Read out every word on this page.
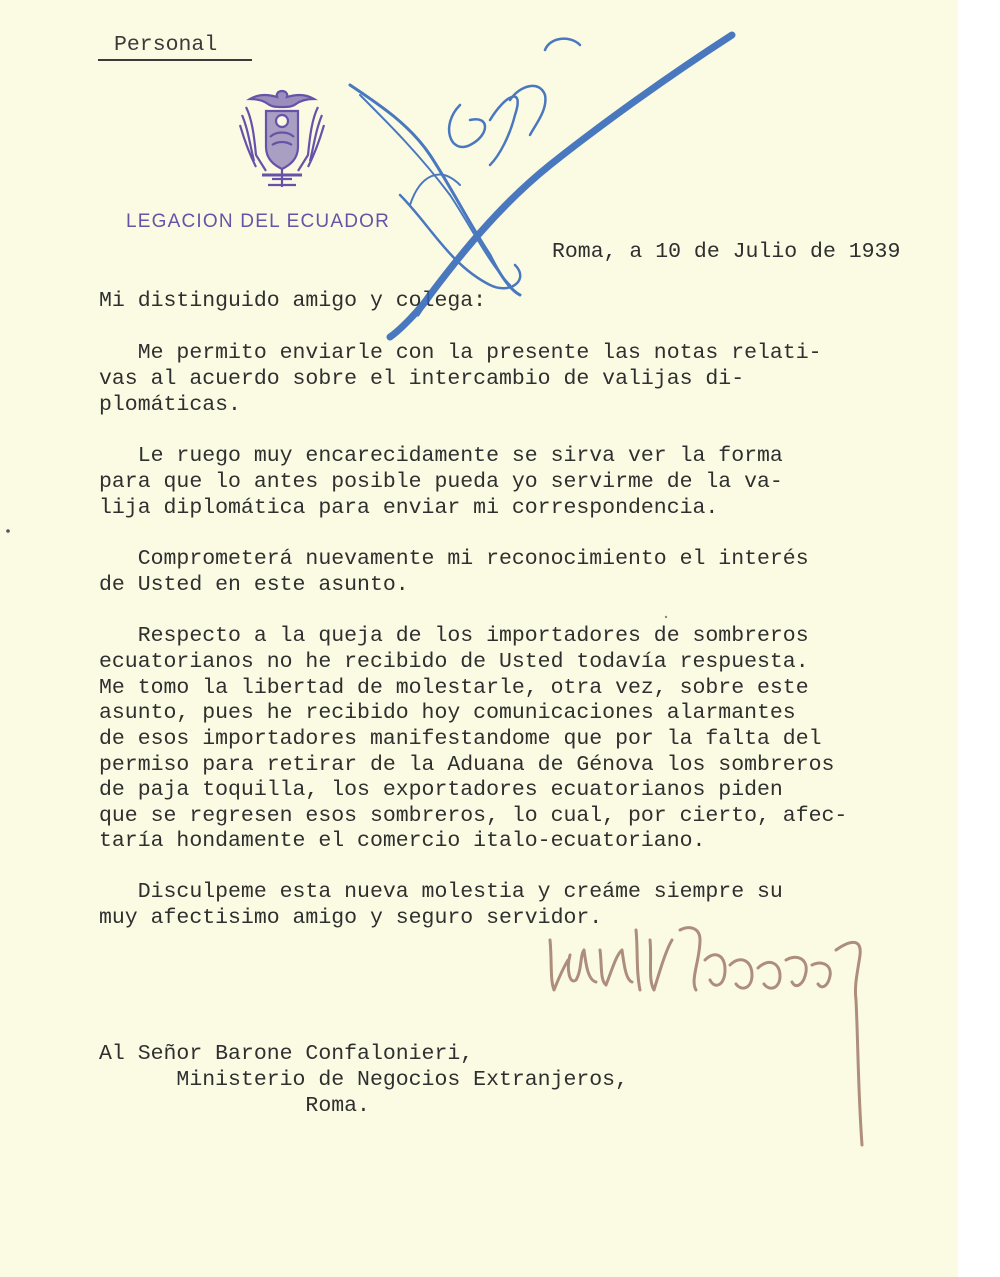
Personal
LEGACION DEL ECUADOR
Roma, a 10 de Julio de 1939
Mi distinguido amigo y colega:
Me permito enviarle con la presente las notas relati-
vas al acuerdo sobre el intercambio de valijas di-
plomáticas.
Le ruego muy encarecidamente se sirva ver la forma
para que lo antes posible pueda yo servirme de la va-
lija diplomática para enviar mi correspondencia.
Comprometerá nuevamente mi reconocimiento el interés
de Usted en este asunto.
Respecto a la queja de los importadores de sombreros
ecuatorianos no he recibido de Usted todavía respuesta.
Me tomo la libertad de molestarle, otra vez, sobre este
asunto, pues he recibido hoy comunicaciones alarmantes
de esos importadores manifestandome que por la falta del
permiso para retirar de la Aduana de Génova los sombreros
de paja toquilla, los exportadores ecuatorianos piden
que se regresen esos sombreros, lo cual, por cierto, afec-
taría hondamente el comercio italo-ecuatoriano.
Disculpeme esta nueva molestia y creáme siempre su
muy afectisimo amigo y seguro servidor.
Al Señor Barone Confalonieri,
Ministerio de Negocios Extranjeros,
Roma.
